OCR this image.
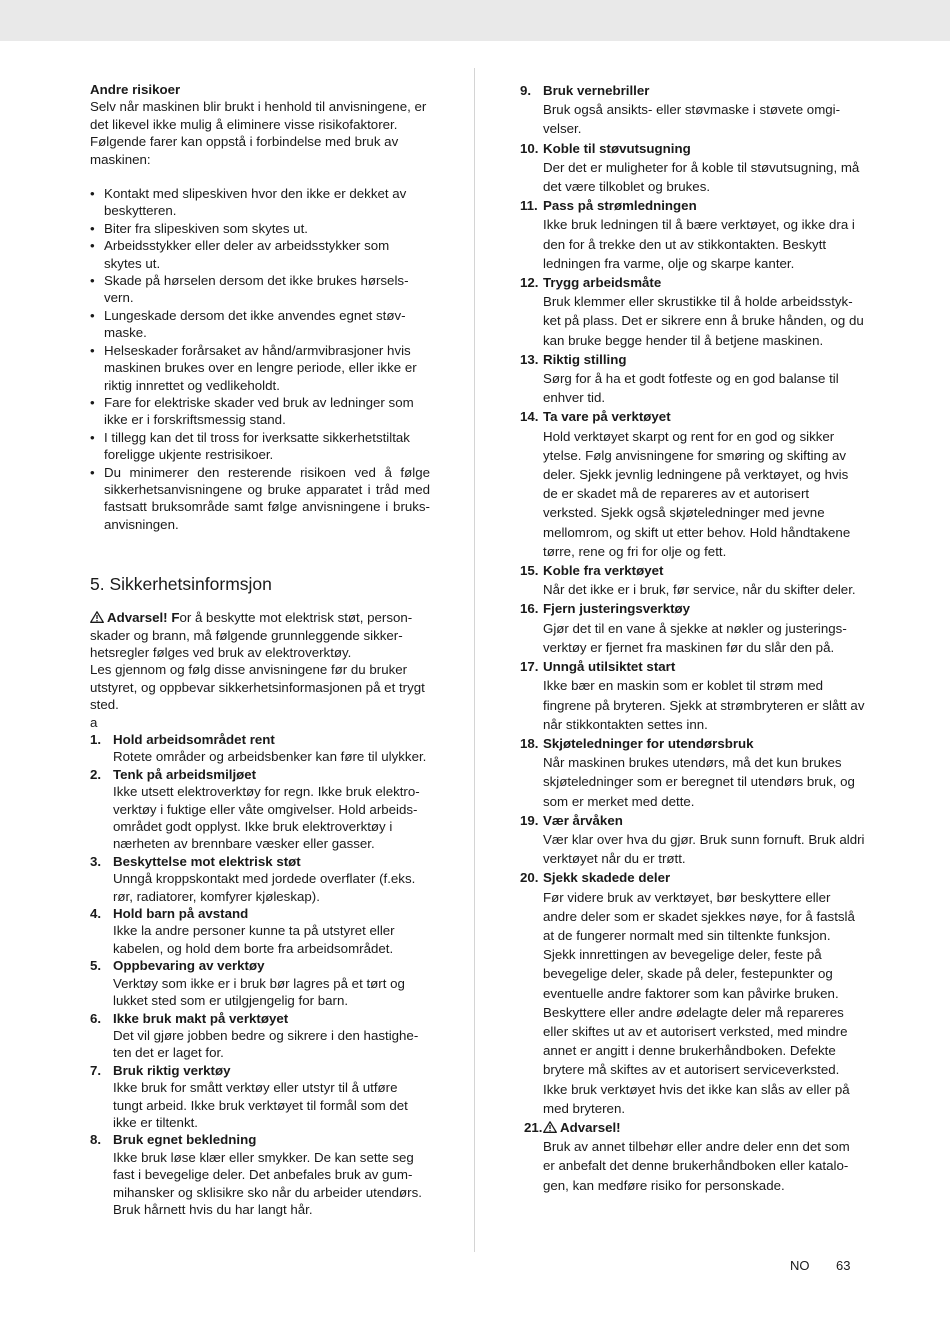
Andre risikoer

Selv når maskinen blir brukt i henhold til anvisningene, er det likevel ikke mulig å eliminere visse risikofaktorer. Følgende farer kan oppstå i forbindelse med bruk av maskinen:

• Kontakt med slipeskiven hvor den ikke er dekket av beskytteren.
• Biter fra slipeskiven som skytes ut.
• Arbeidsstykker eller deler av arbeidsstykker som skytes ut.
• Skade på hørselen dersom det ikke brukes hørselsvern.
• Lungeskade dersom det ikke anvendes egnet støvmaske.
• Helseskader forårsaket av hånd/armvibrasjoner hvis maskinen brukes over en lengre periode, eller ikke er riktig innrettet og vedlikeholdt.
• Fare for elektriske skader ved bruk av ledninger som ikke er i forskriftsmessig stand.
• I tillegg kan det til tross for iverksatte sikkerhetstiltak foreligge ukjente restrisikoer.
• Du minimerer den resterende risikoen ved å følge sikkerhetsanvisningene og bruke apparatet i tråd med fastsatt bruksområde samt følge anvisningene i bruks-anvisningen.
5. Sikkerhetsinformsjon

Advarsel! For å beskytte mot elektrisk støt, personskader og brann, må følgende grunnleggende sikkerhetsregler følges ved bruk av elektroverktøy.

Les gjennom og følg disse anvisningene før du bruker utstyret, og oppbevar sikkerhetsinformasjonen på et trygt sted.

a

1. Hold arbeidsområdet rent
Rotete områder og arbeidsbenker kan føre til ulykker.
2. Tenk på arbeidsmiljøet
Ikke utsett elektroverktøy for regn. Ikke bruk elektroverktøy i fuktige eller våte omgivelser. Hold arbeidsområdet godt opplyst. Ikke bruk elektroverktøy i nærheten av brennbare væsker eller gasser.
3. Beskyttelse mot elektrisk støt
Unngå kroppskontakt med jordede overflater (f.eks. rør, radiatorer, komfyrer kjøleskap).
4. Hold barn på avstand
Ikke la andre personer kunne ta på utstyret eller kabelen, og hold dem borte fra arbeidsområdet.
5. Oppbevaring av verktøy
Verktøy som ikke er i bruk bør lagres på et tørt og lukket sted som er utilgjengelig for barn.
6. Ikke bruk makt på verktøyet
Det vil gjøre jobben bedre og sikrere i den hastigheten det er laget for.
7. Bruk riktig verktøy
Ikke bruk for smått verktøy eller utstyr til å utføre tungt arbeid. Ikke bruk verktøyet til formål som det ikke er tiltenkt.
8. Bruk egnet bekledning
Ikke bruk løse klær eller smykker. De kan sette seg fast i bevegelige deler. Det anbefales bruk av gummihansker og sklisikre sko når du arbeider utendørs. Bruk hårnett hvis du har langt hår.
9. Bruk vernebriller
Bruk også ansikts- eller støvmaske i støvete omgivelser.
10. Koble til støvutsugning
Der det er muligheter for å koble til støvutsugning, må det være tilkoblet og brukes.
11. Pass på strømledningen
Ikke bruk ledningen til å bære verktøyet, og ikke dra i den for å trekke den ut av stikkontakten. Beskytt ledningen fra varme, olje og skarpe kanter.
12. Trygg arbeidsmåte
Bruk klemmer eller skrustikke til å holde arbeidsstykket på plass. Det er sikrere enn å bruke hånden, og du kan bruke begge hender til å betjene maskinen.
13. Riktig stilling
Sørg for å ha et godt fotfeste og en god balanse til enhver tid.
14. Ta vare på verktøyet
Hold verktøyet skarpt og rent for en god og sikker ytelse. Følg anvisningene for smøring og skifting av deler. Sjekk jevnlig ledningene på verktøyet, og hvis de er skadet må de repareres av et autorisert verksted. Sjekk også skjøteledninger med jevne mellomrom, og skift ut etter behov. Hold håndtakene tørre, rene og fri for olje og fett.
15. Koble fra verktøyet
Når det ikke er i bruk, før service, når du skifter deler.
16. Fjern justeringsverktøy
Gjør det til en vane å sjekke at nøkler og justeringsverktøy er fjernet fra maskinen før du slår den på.
17. Unngå utilsiktet start
Ikke bær en maskin som er koblet til strøm med fingrene på bryteren. Sjekk at strømbryteren er slått av når stikkontakten settes inn.
18. Skjøteledninger for utendørsbruk
Når maskinen brukes utendørs, må det kun brukes skjøteledninger som er beregnet til utendørs bruk, og som er merket med dette.
19. Vær årvåken
Vær klar over hva du gjør. Bruk sunn fornuft. Bruk aldri verktøyet når du er trøtt.
20. Sjekk skadede deler
Før videre bruk av verktøyet, bør beskyttere eller andre deler som er skadet sjekkes nøye, for å fastslå at de fungerer normalt med sin tiltenkte funksjon. Sjekk innrettingen av bevegelige deler, feste på bevegelige deler, skade på deler, festepunkter og eventuelle andre faktorer som kan påvirke bruken. Beskyttere eller andre ødelagte deler må repareres eller skiftes ut av et autorisert verksted, med mindre annet er angitt i denne brukerhåndboken. Defekte brytere må skiftes av et autorisert serviceverksted. Ikke bruk verktøyet hvis det ikke kan slås av eller på med bryteren.
21.	Advarsel!
Bruk av annet tilbehør eller andre deler enn det som er anbefalt det denne brukerhåndboken eller katalogen, kan medføre risiko for personskade.
NO 63
